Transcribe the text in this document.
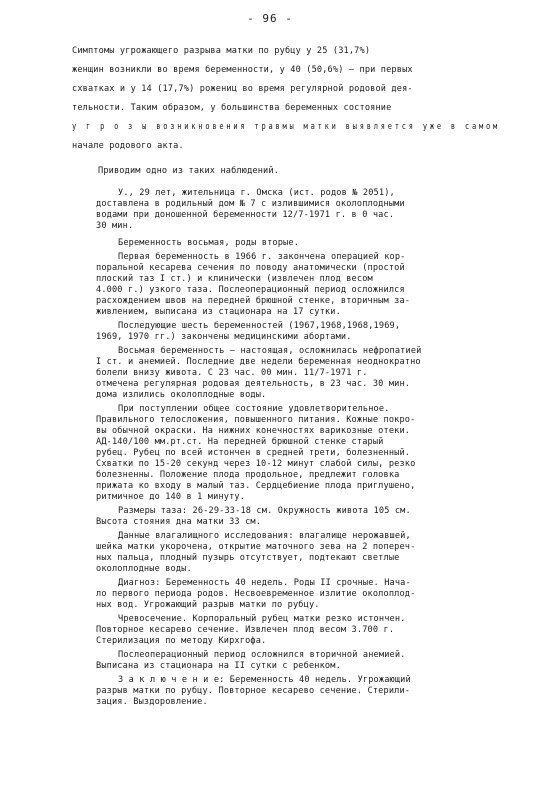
- 96 -
Симптомы угрожающего разрыва матки по рубцу у 25 (31,7%)
женщин возникли во время беременности, у 40 (50,6%) – при первых
схватках и у 14 (17,7%) рожениц во время регулярной родовой дея-
тельности. Таким образом, у большинства беременных состояние
у г р о з ы возникновения травмы матки выявляется уже в самом
начале родового акта.
Приводим одно из таких наблюдений.
У., 29 лет, жительница г. Омска (ист. родов № 2051),
доставлена в родильный дом № 7 с излившимися околоплодными
водами при доношенной беременности 12/7-1971 г. в 0 час.
30 мин.
Беременность восьмая, роды вторые.
Первая беременность в 1966 г. закончена операцией кор-
поральной кесарева сечения по поводу анатомически (простой
плоский таз I ст.) и клинически (извлечен плод весом
4.000 г.) узкого таза. Послеоперационный период осложнился
расхождением швов на передней брюшной стенке, вторичным за-
живлением, выписана из стационара на 17 сутки.
Последующие шесть беременностей (1967,1968,1968,1969,
1969, 1970 гг.) закончены медицинскими абортами.
Восьмая беременность – настоящая, осложнилась нефропатией
I ст. и анемией. Последние две недели беременная неоднократно
болели внизу живота. С 23 час. 00 мин. 11/7-1971 г.
отмечена регулярная родовая деятельность, в 23 час. 30 мин.
дома излились околоплодные воды.
При поступлении общее состояние удовлетворительное.
Правильного телосложения, повышенного питания. Кожные покро-
вы обычной окраски. На нижних конечностях варикозные отеки.
АД-140/100 мм.рт.ст. На передней брюшной стенке старый
рубец. Рубец по всей истончен в средней трети, болезненный.
Схватки по 15-20 секунд через 10-12 минут слабой силы, резко
болезненны. Положение плода продольное, предлежит головка
прижата ко входу в малый таз. Сердцебиение плода приглушено,
ритмичное до 140 в 1 минуту.
Размеры таза: 26-29-33-18 см. Окружность живота 105 см.
Высота стояния дна матки 33 см.
Данные влагалищного исследования: влагалище нерожавшей,
шейка матки укорочена, открытие маточного зева на 2 попереч-
ных пальца, плодный пузырь отсутствует, подтекают светлые
околоплодные воды.
Диагноз: Беременность 40 недель. Роды II срочные. Нача-
ло первого периода родов. Несвоевременное излитие околоплод-
ных вод. Угрожающий разрыв матки по рубцу.
Чревосечение. Корпоральный рубец матки резко истончен.
Повторное кесарево сечение. Извлечен плод весом 3.700 г.
Стерилизация по методу Кирхгофа.
Послеоперационный период осложнился вторичной анемией.
Выписана из стационара на II сутки с ребенком.
З а к л ю ч е н и е: Беременность 40 недель. Угрожающий
разрыв матки по рубцу. Повторное кесарево сечение. Стерили-
зация. Выздоровление.
